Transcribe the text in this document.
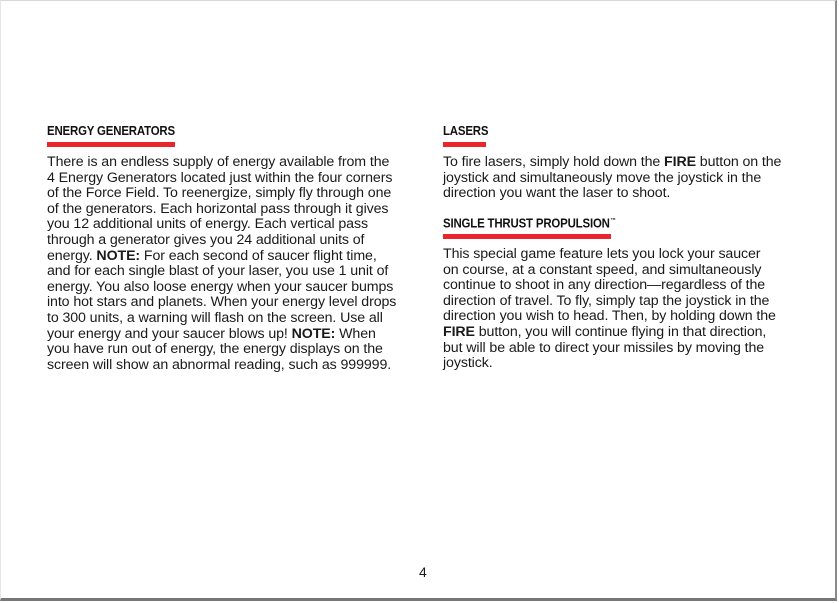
ENERGY GENERATORS

There is an endless supply of energy available from the
4 Energy Generators located just within the four corners
of the Force Field. To reenergize, simply fly through one
of the generators. Each horizontal pass through it gives
you 12 additional units of energy. Each vertical pass
through a generator gives you 24 additional units of
energy. NOTE: For each second of saucer flight time,
and for each single blast of your laser, you use 1 unit of
energy. You also loose energy when your saucer bumps
into hot stars and planets. When your energy level drops
to 300 units, a warning will flash on the screen. Use all
your energy and your saucer blows up! NOTE: When
you have run out of energy, the energy displays on the
screen will show an abnormal reading, such as 999999.

LASERS

To fire lasers, simply hold down the FIRE button on the
joystick and simultaneously move the joystick in the
direction you want the laser to shoot.

SINGLE THRUST PROPULSION™

This special game feature lets you lock your saucer
on course, at a constant speed, and simultaneously
continue to shoot in any direction—regardless of the
direction of travel. To fly, simply tap the joystick in the
direction you wish to head. Then, by holding down the
FIRE button, you will continue flying in that direction,
but will be able to direct your missiles by moving the
joystick.

4
